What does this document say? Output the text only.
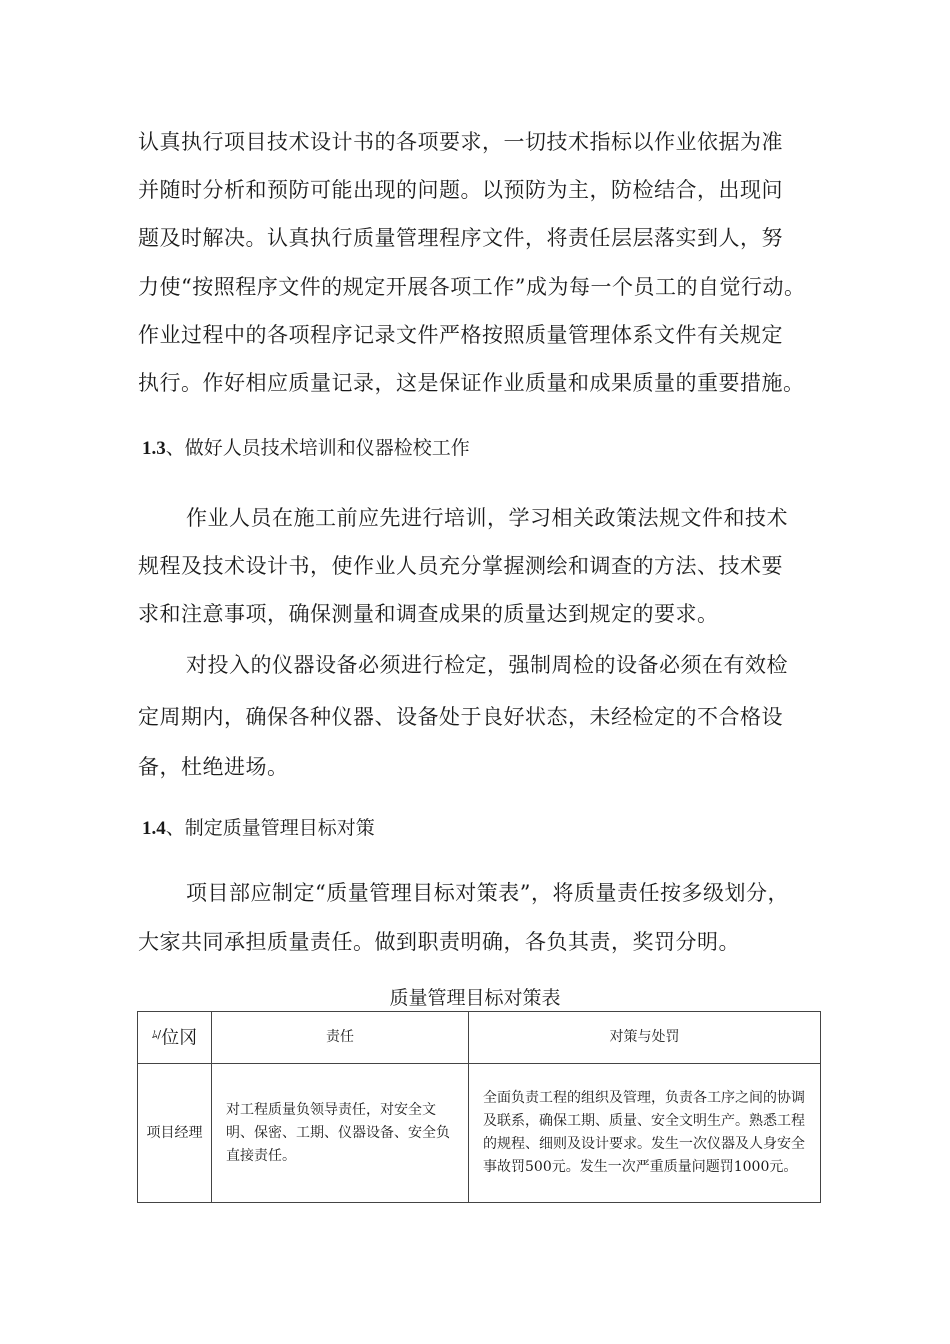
认真执行项目技术设计书的各项要求，一切技术指标以作业依据为准
并随时分析和预防可能出现的问题。以预防为主，防检结合，出现问
题及时解决。认真执行质量管理程序文件，将责任层层落实到人，努
力使“按照程序文件的规定开展各项工作”成为每一个员工的自觉行动。
作业过程中的各项程序记录文件严格按照质量管理体系文件有关规定
执行。作好相应质量记录，这是保证作业质量和成果质量的重要措施。
1.3、做好人员技术培训和仪器检校工作
作业人员在施工前应先进行培训，学习相关政策法规文件和技术
规程及技术设计书，使作业人员充分掌握测绘和调查的方法、技术要
求和注意事项，确保测量和调查成果的质量达到规定的要求。
对投入的仪器设备必须进行检定，强制周检的设备必须在有效检
定周期内，确保各种仪器、设备处于良好状态，未经检定的不合格设
备，杜绝进场。
1.4、制定质量管理目标对策
项目部应制定“质量管理目标对策表”，将质量责任按多级划分，
大家共同承担质量责任。做到职责明确，各负其责，奖罚分明。
质量管理目标对策表
$^{ﾑ/}$位冈	责任	对策与处罚
项目经理	对工程质量负领导责任，对安全文明、保密、工期、仪器设备、安全负直接责任。	全面负责工程的组织及管理，负责各工序之间的协调及联系，确保工期、质量、安全文明生产。熟悉工程的规程、细则及设计要求。发生一次仪器及人身安全事故罚500元。发生一次严重质量问题罚1000元。
